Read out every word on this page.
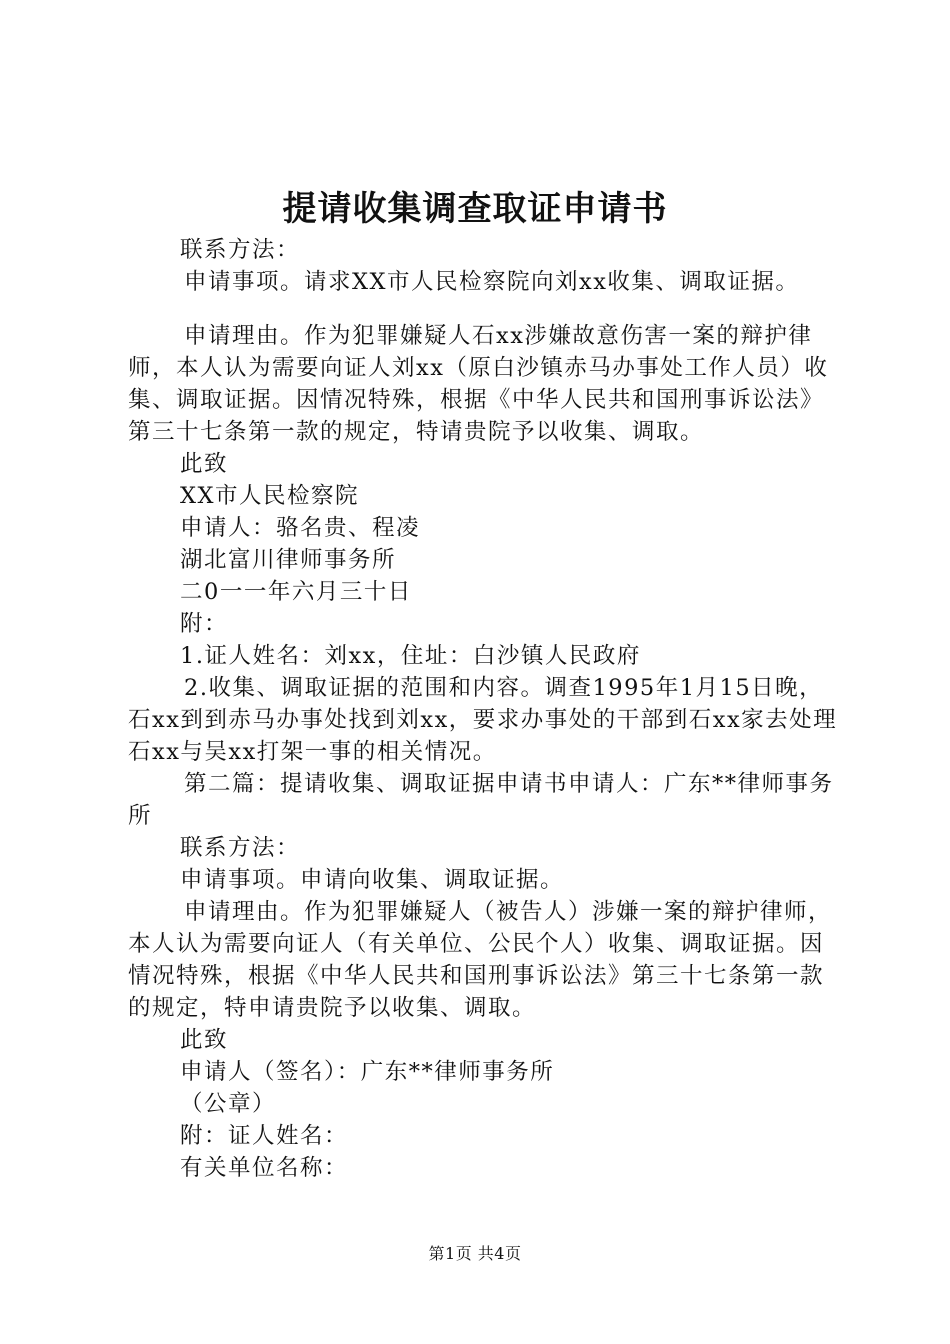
提请收集调查取证申请书

联系方法：

申请事项。请求XX市人民检察院向刘xx收集、调取证据。

申请理由。作为犯罪嫌疑人石xx涉嫌故意伤害一案的辩护律师，本人认为需要向证人刘xx（原白沙镇赤马办事处工作人员）收集、调取证据。因情况特殊，根据《中华人民共和国刑事诉讼法》第三十七条第一款的规定，特请贵院予以收集、调取。

此致

XX市人民检察院

申请人：骆名贵、程凌

湖北富川律师事务所

二0一一年六月三十日

附：

1.证人姓名：刘xx，住址：白沙镇人民政府

2.收集、调取证据的范围和内容。调查1995年1月15日晚，石xx到到赤马办事处找到刘xx，要求办事处的干部到石xx家去处理石xx与吴xx打架一事的相关情况。

第二篇：提请收集、调取证据申请书申请人：广东**律师事务所

联系方法：

申请事项。申请向收集、调取证据。

申请理由。作为犯罪嫌疑人（被告人）涉嫌一案的辩护律师，本人认为需要向证人（有关单位、公民个人）收集、调取证据。因情况特殊，根据《中华人民共和国刑事诉讼法》第三十七条第一款的规定，特申请贵院予以收集、调取。

此致

申请人（签名）：广东**律师事务所

（公章）

附：证人姓名：

有关单位名称：

第1页 共4页
